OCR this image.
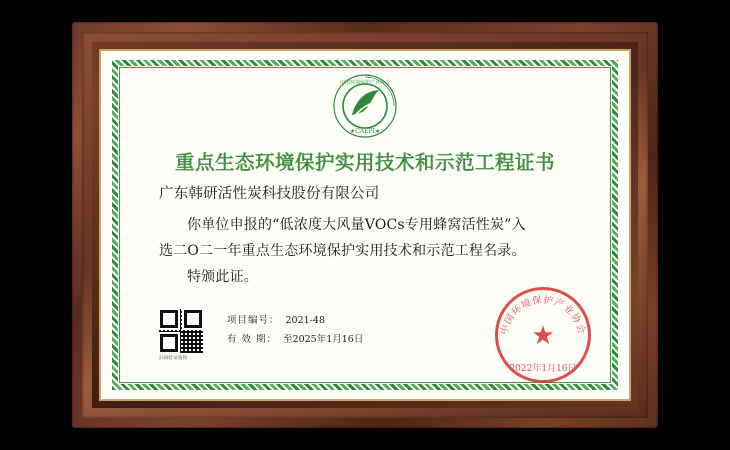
★CAEPI★
中国环境保护产业协会
重点生态环境保护实用技术和示范工程证书
广东韩研活性炭科技股份有限公司
你单位申报的“低浓度大风量VOCs专用蜂窝活性炭”入
选二O二一年重点生态环境保护实用技术和示范工程名录。
特颁此证。
扫码验证真伪
项目编号： 2021-48
有 效 期： 至2025年1月16日
中国环境保护产业协会
★
2022年1月16日
